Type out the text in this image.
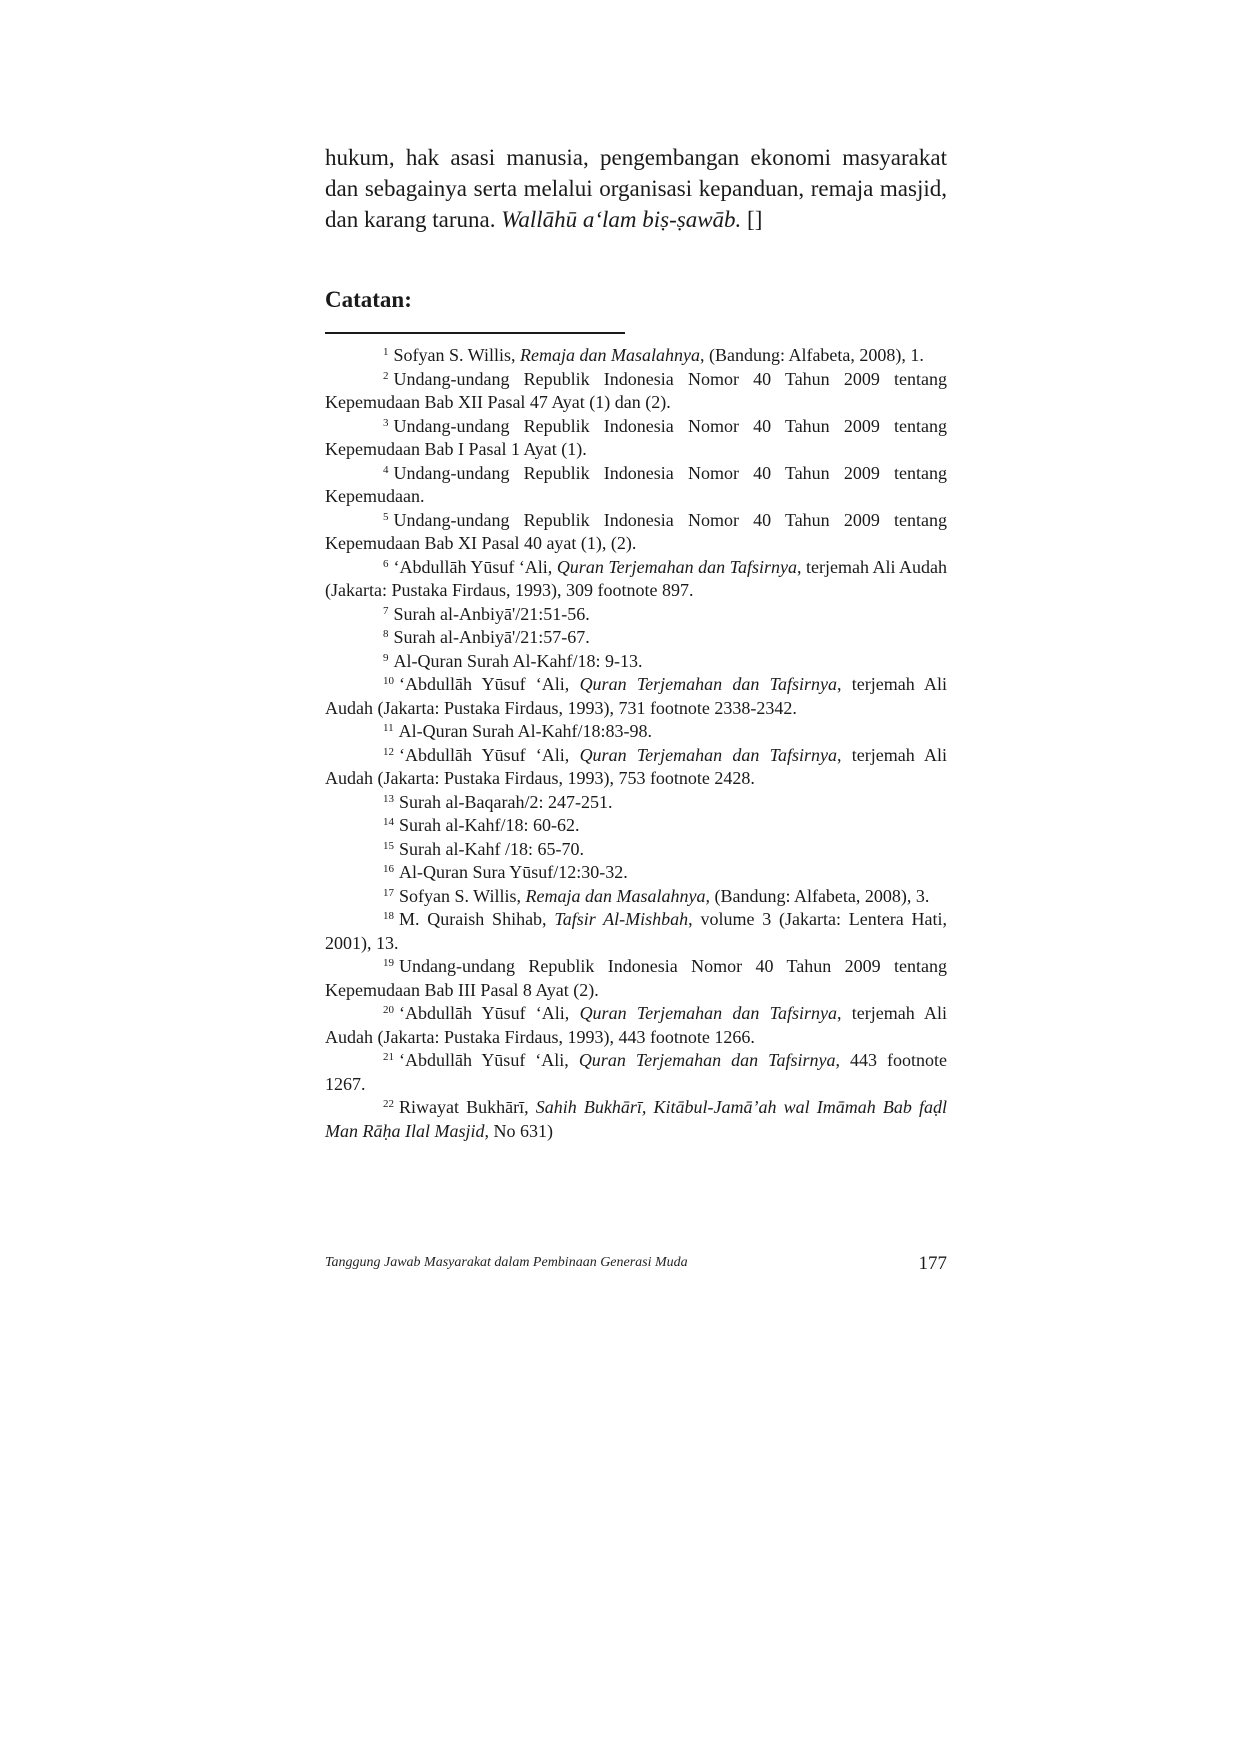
hukum, hak asasi manusia, pengembangan ekonomi masyarakat dan sebagainya serta melalui organisasi kepanduan, remaja masjid, dan karang taruna. Wallāhū a‘lam biṣ-ṣawāb. []

Catatan:
$^1$ Sofyan S. Willis, Remaja dan Masalahnya, (Bandung: Alfabeta, 2008), 1.
$^2$ Undang-undang Republik Indonesia Nomor 40 Tahun 2009 tentang Kepemudaan Bab XII Pasal 47 Ayat (1) dan (2).
$^3$ Undang-undang Republik Indonesia Nomor 40 Tahun 2009 tentang Kepemudaan Bab I Pasal 1 Ayat (1).
$^4$ Undang-undang Republik Indonesia Nomor 40 Tahun 2009 tentang Kepemudaan.
$^5$ Undang-undang Republik Indonesia Nomor 40 Tahun 2009 tentang Kepemudaan Bab XI Pasal 40 ayat (1), (2).
$^6$ ‘Abdullāh Yūsuf ‘Ali, Quran Terjemahan dan Tafsirnya, terjemah Ali Audah (Jakarta: Pustaka Firdaus, 1993), 309 footnote 897.
$^7$ Surah al-Anbiyā'/21:51-56.
$^8$ Surah al-Anbiyā'/21:57-67.
$^9$ Al-Quran Surah Al-Kahf/18: 9-13.
$^{10}$ ‘Abdullāh Yūsuf ‘Ali, Quran Terjemahan dan Tafsirnya, terjemah Ali Audah (Jakarta: Pustaka Firdaus, 1993), 731 footnote 2338-2342.
$^{11}$ Al-Quran Surah Al-Kahf/18:83-98.
$^{12}$ ‘Abdullāh Yūsuf ‘Ali, Quran Terjemahan dan Tafsirnya, terjemah Ali Audah (Jakarta: Pustaka Firdaus, 1993), 753 footnote 2428.
$^{13}$ Surah al-Baqarah/2: 247-251.
$^{14}$ Surah al-Kahf/18: 60-62.
$^{15}$ Surah al-Kahf /18: 65-70.
$^{16}$ Al-Quran Sura Yūsuf/12:30-32.
$^{17}$ Sofyan S. Willis, Remaja dan Masalahnya, (Bandung: Alfabeta, 2008), 3.
$^{18}$ M. Quraish Shihab, Tafsir Al-Mishbah, volume 3 (Jakarta: Lentera Hati, 2001), 13.
$^{19}$ Undang-undang Republik Indonesia Nomor 40 Tahun 2009 tentang Kepemudaan Bab III Pasal 8 Ayat (2).
$^{20}$ ‘Abdullāh Yūsuf ‘Ali, Quran Terjemahan dan Tafsirnya, terjemah Ali Audah (Jakarta: Pustaka Firdaus, 1993), 443 footnote 1266.
$^{21}$ ‘Abdullāh Yūsuf ‘Ali, Quran Terjemahan dan Tafsirnya, 443 footnote 1267.
$^{22}$ Riwayat Bukhārī, Sahih Bukhārī, Kitābul-Jamā’ah wal Imāmah Bab faḍl Man Rāḥa Ilal Masjid, No 631)
Tanggung Jawab Masyarakat dalam Pembinaan Generasi Muda	177
